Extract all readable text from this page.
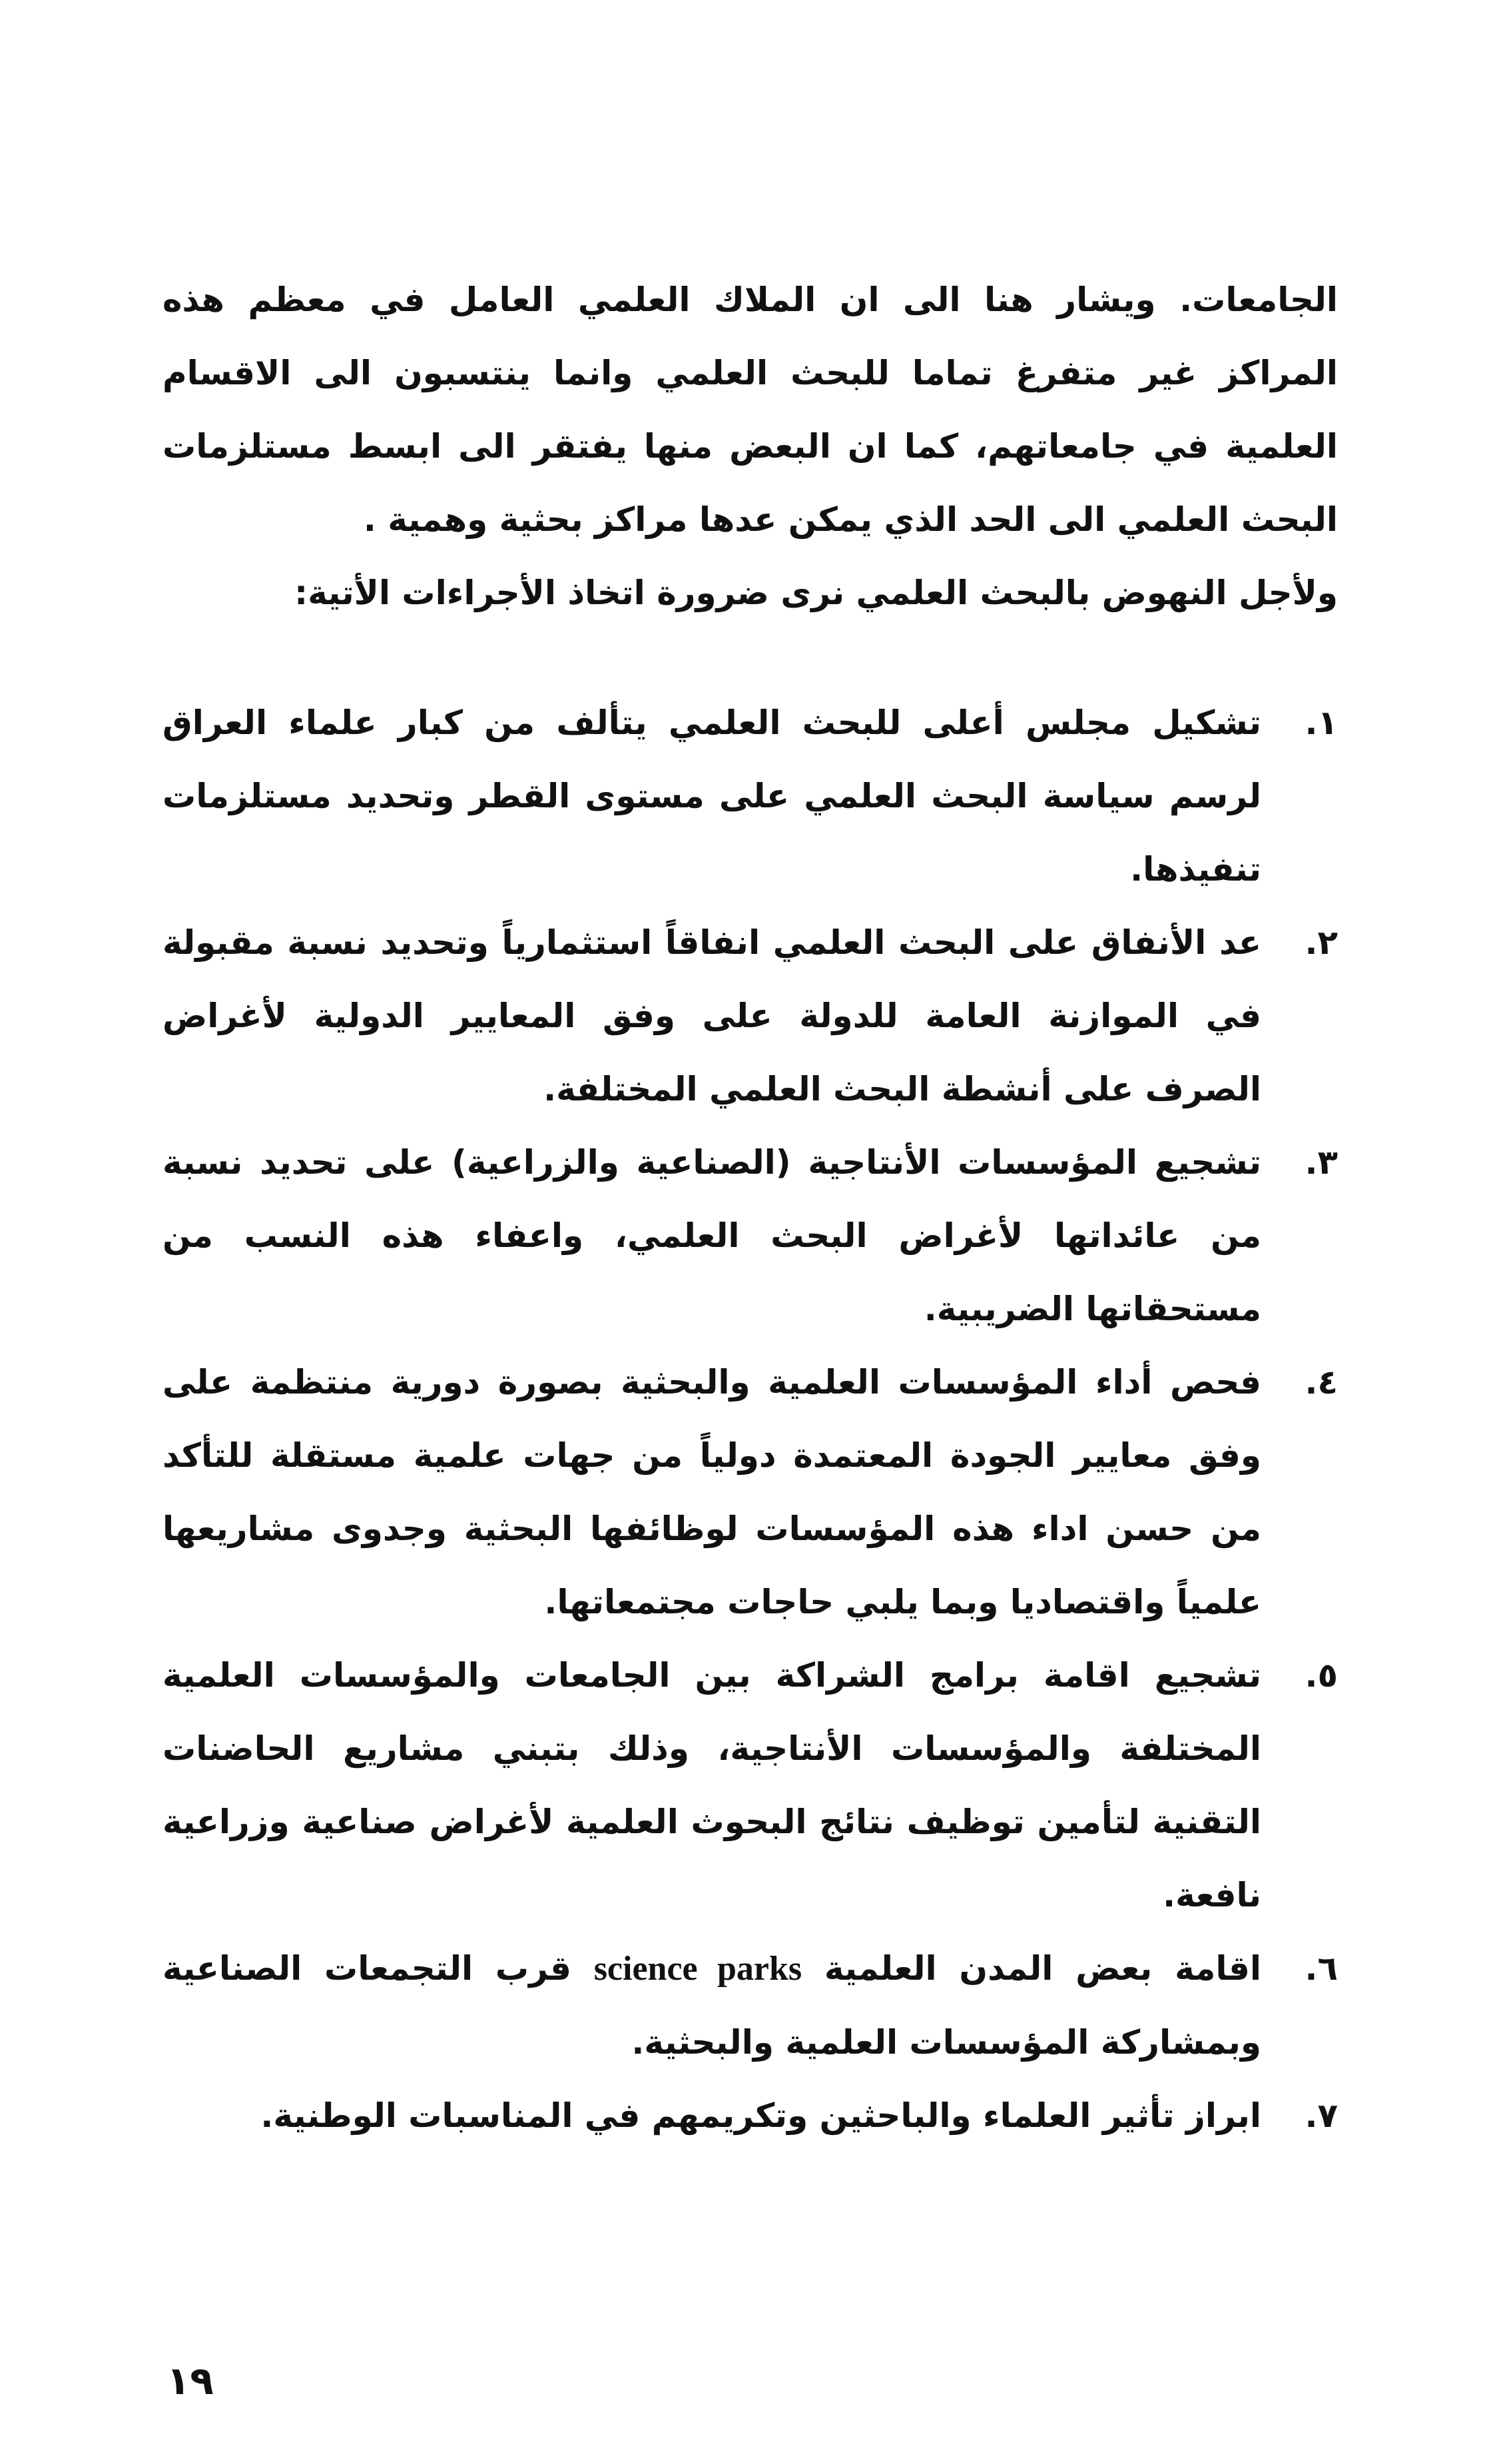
الجامعات. ويشار هنا الى ان الملاك العلمي العامل في معظم هذه المراكز غير متفرغ تماما للبحث العلمي وانما ينتسبون الى الاقسام العلمية في جامعاتهم، كما ان البعض منها يفتقر الى ابسط مستلزمات البحث العلمي الى الحد الذي يمكن عدها مراكز بحثية وهمية .

ولأجل النهوض بالبحث العلمي نرى ضرورة اتخاذ الأجراءات الأتية:

١.
تشكيل مجلس أعلى للبحث العلمي يتألف من كبار علماء العراق لرسم سياسة البحث العلمي على مستوى القطر وتحديد مستلزمات تنفيذها.
٢.
عد الأنفاق على البحث العلمي انفاقاً استثمارياً وتحديد نسبة مقبولة في الموازنة العامة للدولة على وفق المعايير الدولية لأغراض الصرف على أنشطة البحث العلمي المختلفة.
٣.
تشجيع المؤسسات الأنتاجية (الصناعية والزراعية) على تحديد نسبة من عائداتها لأغراض البحث العلمي، واعفاء هذه النسب من مستحقاتها الضريبية.
٤.
فحص أداء المؤسسات العلمية والبحثية بصورة دورية منتظمة على وفق معايير الجودة المعتمدة دولياً من جهات علمية مستقلة للتأكد من حسن اداء هذه المؤسسات لوظائفها البحثية وجدوى مشاريعها علمياً واقتصاديا وبما يلبي حاجات مجتمعاتها.
٥.
تشجيع اقامة برامج الشراكة بين الجامعات والمؤسسات العلمية المختلفة والمؤسسات الأنتاجية، وذلك بتبني مشاريع الحاضنات التقنية لتأمين توظيف نتائج البحوث العلمية لأغراض صناعية وزراعية نافعة.
٦.
اقامة بعض المدن العلمية science parks قرب التجمعات الصناعية وبمشاركة المؤسسات العلمية والبحثية.
٧.
ابراز تأثير العلماء والباحثين وتكريمهم في المناسبات الوطنية.
١٩
